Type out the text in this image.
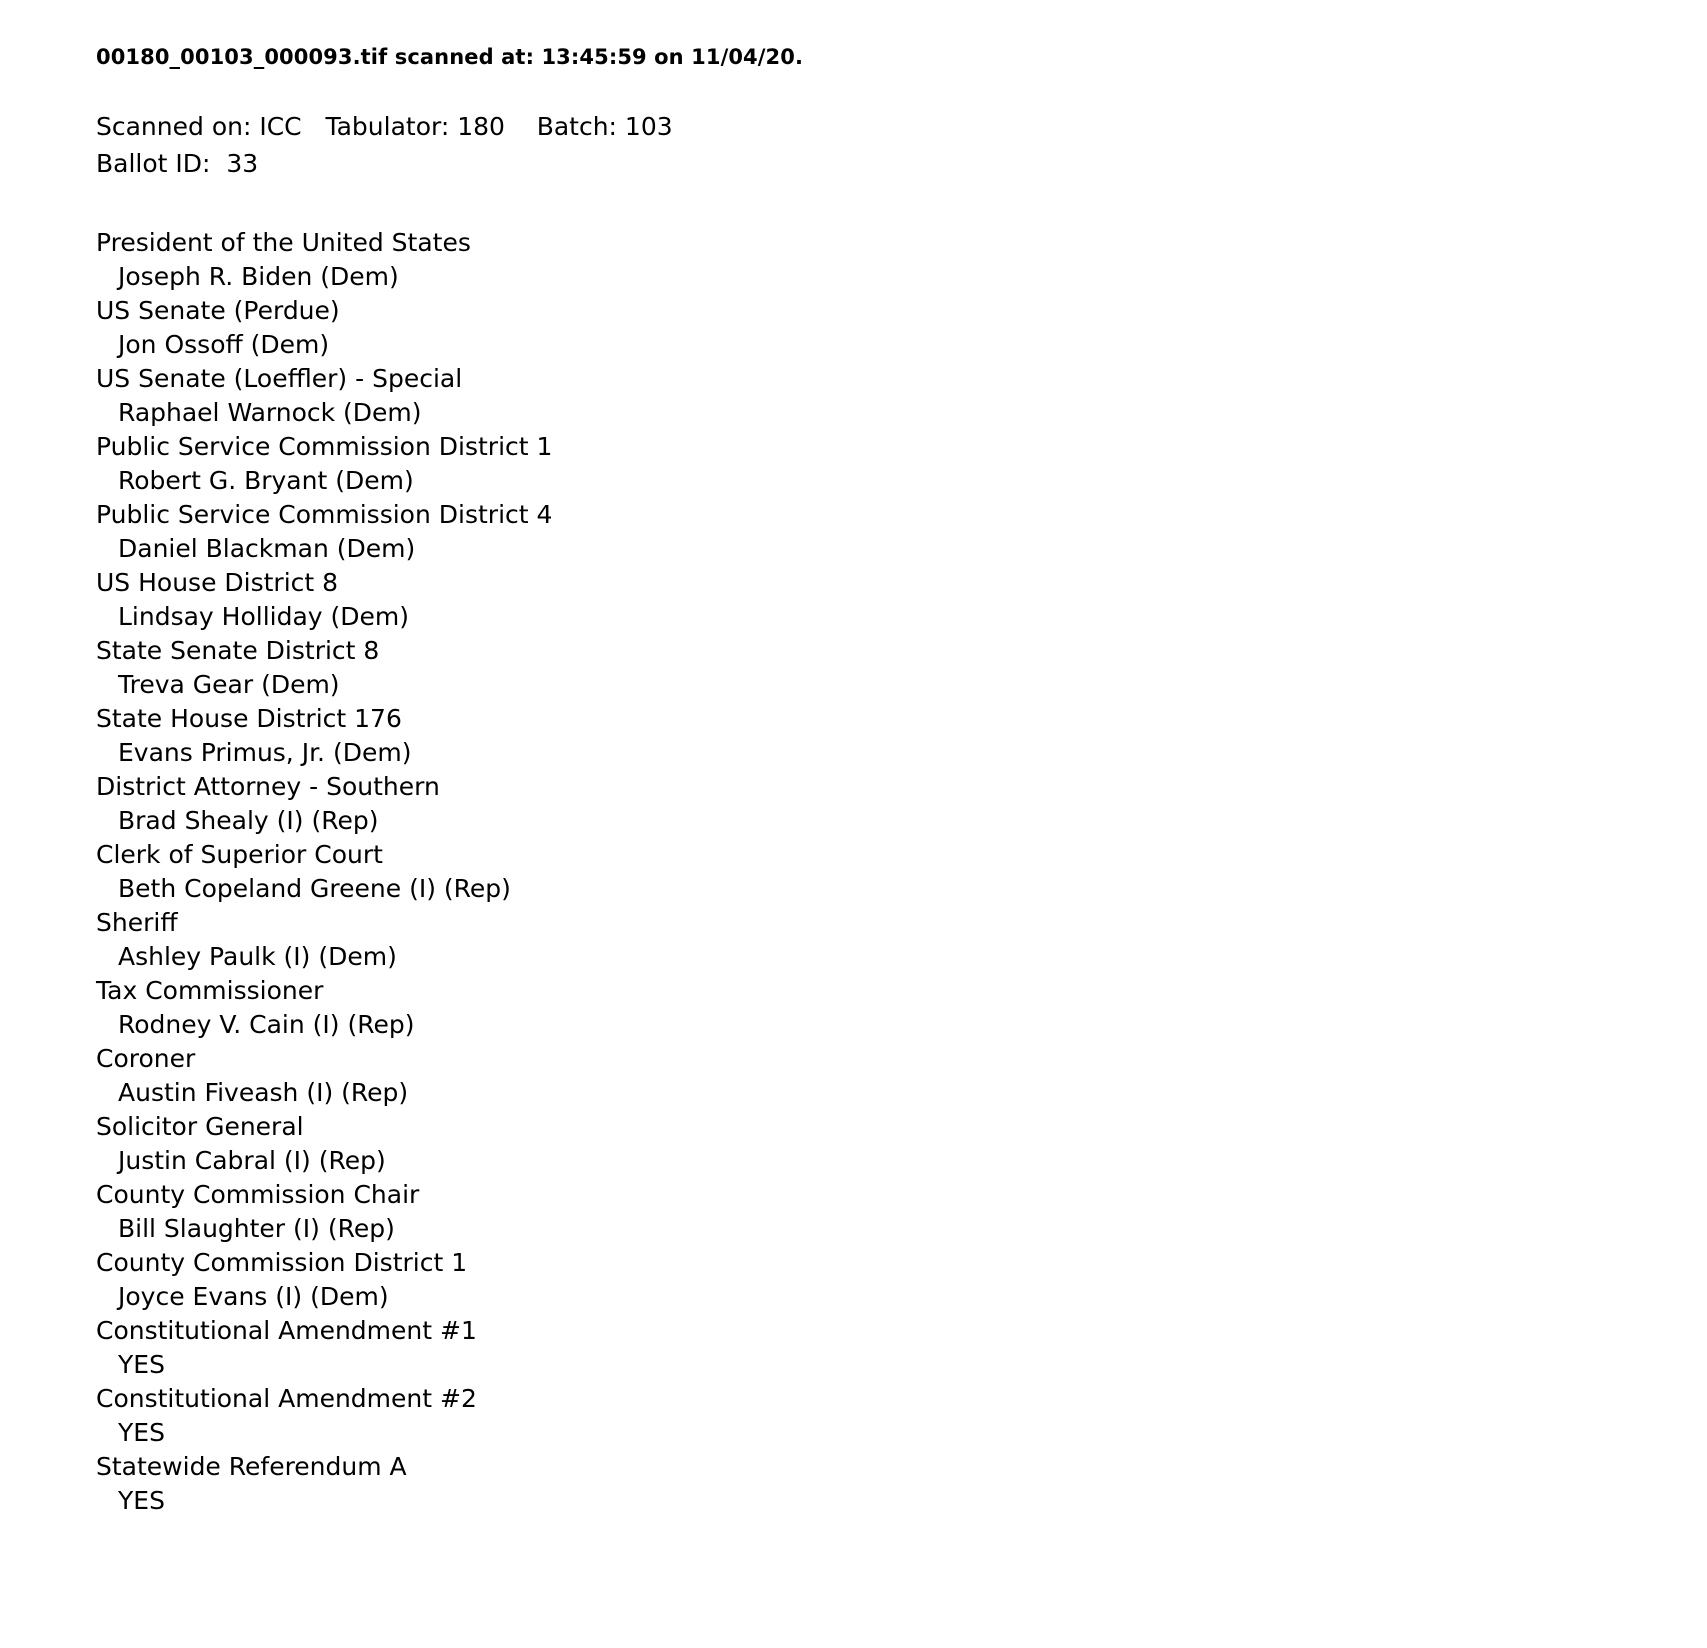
00180_00103_000093.tif scanned at: 13:45:59 on 11/04/20.

Scanned on: ICC   Tabulator: 180    Batch: 103

Ballot ID:  33

President of the United States

Joseph R. Biden (Dem)

US Senate (Perdue)

Jon Ossoff (Dem)

US Senate (Loeffler) - Special

Raphael Warnock (Dem)

Public Service Commission District 1

Robert G. Bryant (Dem)

Public Service Commission District 4

Daniel Blackman (Dem)

US House District 8

Lindsay Holliday (Dem)

State Senate District 8

Treva Gear (Dem)

State House District 176

Evans Primus, Jr. (Dem)

District Attorney - Southern

Brad Shealy (I) (Rep)

Clerk of Superior Court

Beth Copeland Greene (I) (Rep)

Sheriff

Ashley Paulk (I) (Dem)

Tax Commissioner

Rodney V. Cain (I) (Rep)

Coroner

Austin Fiveash (I) (Rep)

Solicitor General

Justin Cabral (I) (Rep)

County Commission Chair

Bill Slaughter (I) (Rep)

County Commission District 1

Joyce Evans (I) (Dem)

Constitutional Amendment #1

YES

Constitutional Amendment #2

YES

Statewide Referendum A

YES
